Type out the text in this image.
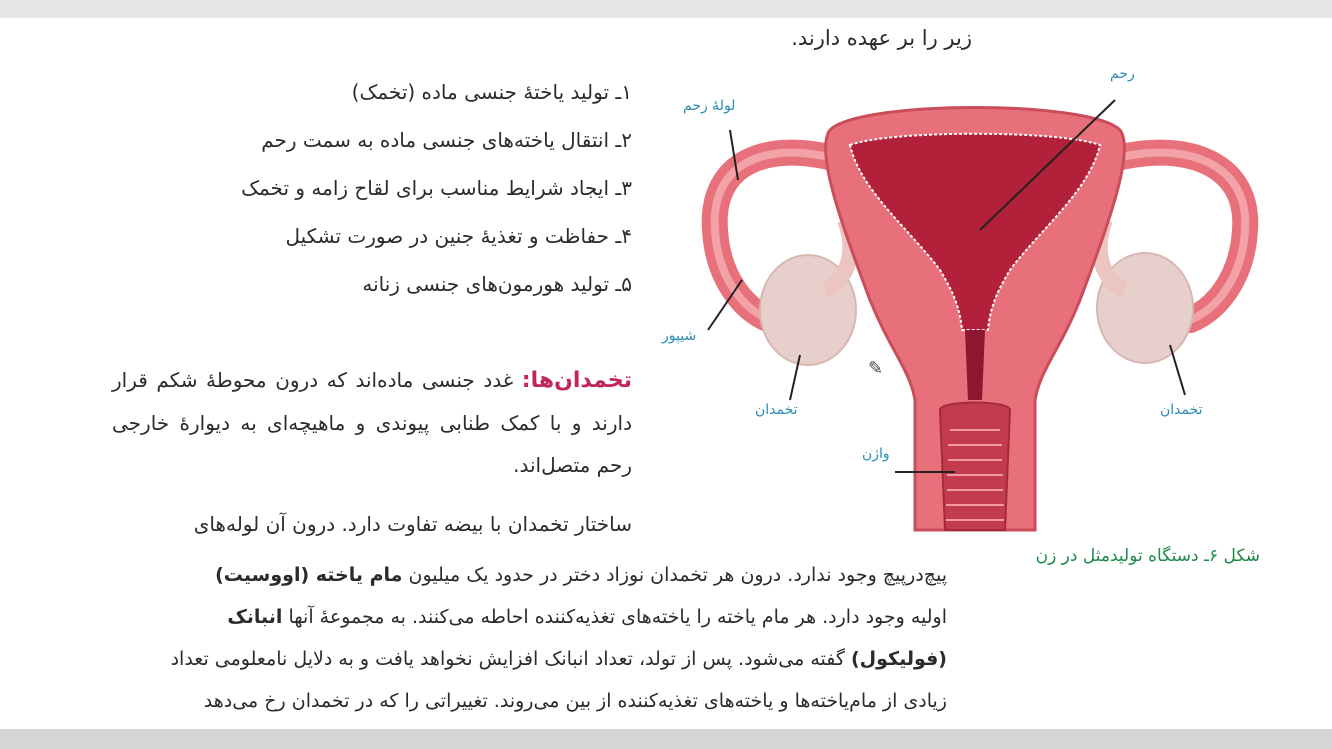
زیر را بر عهده دارند.
۱ـ تولید یاختهٔ جنسی ماده (تخمک)
۲ـ انتقال یاخته‌های جنسی ماده به سمت رحم
۳ـ ایجاد شرایط مناسب برای لقاح زامه و تخمک
۴ـ حفاظت و تغذیهٔ جنین در صورت تشکیل
۵ـ تولید هورمون‌های جنسی زنانه
تخمدان‌ها: غدد جنسی ماده‌اند که درون محوطهٔ شکم قرار دارند و با کمک طنابی پیوندی و ماهیچه‌ای به دیوارهٔ خارجی رحم متصل‌اند.
ساختار تخمدان با بیضه تفاوت دارد. درون آن لوله‌های

پیچ‌درپیچ وجود ندارد. درون هر تخمدان نوزاد دختر در حدود یک میلیون مام یاخته (اووسیت)

اولیه وجود دارد. هر مام یاخته را یاخته‌های تغذیه‌کننده احاطه می‌کنند. به مجموعهٔ آنها انبانک

(فولیکول) گفته می‌شود. پس از تولد، تعداد انبانک افزایش نخواهد یافت و به دلایل نامعلومی تعداد

زیادی از مام‌یاخته‌ها و یاخته‌های تغذیه‌کننده از بین می‌روند. تغییراتی را که در تخمدان رخ می‌دهد

شکل ۶ـ دستگاه تولیدمثل در زن
رحم
لولهٔ رحم
شیپور
تخمدان	تخمدان
واژن
✎
